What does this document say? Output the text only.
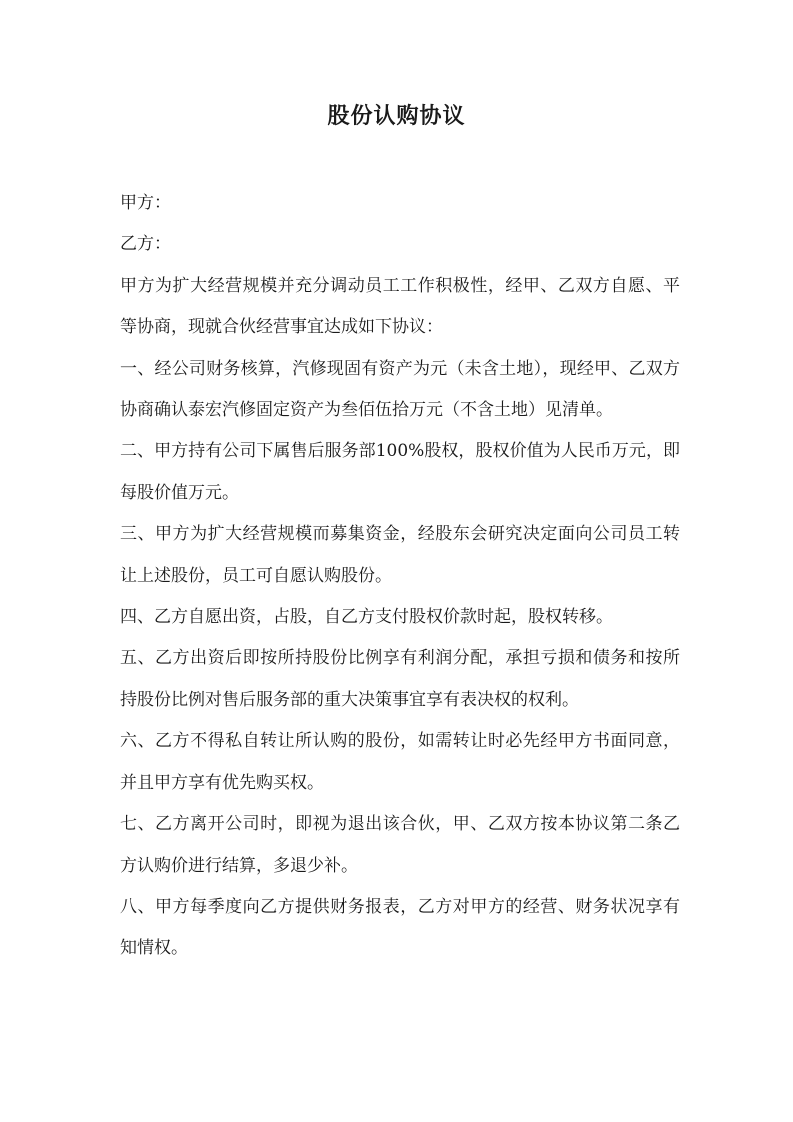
股份认购协议

甲方：

乙方：

甲方为扩大经营规模并充分调动员工工作积极性，经甲、乙双方自愿、平等协商，现就合伙经营事宜达成如下协议：

一、经公司财务核算，汽修现固有资产为元（未含土地），现经甲、乙双方协商确认泰宏汽修固定资产为叁佰伍拾万元（不含土地）见清单。

二、甲方持有公司下属售后服务部100%股权，股权价值为人民币万元，即每股价值万元。

三、甲方为扩大经营规模而募集资金，经股东会研究决定面向公司员工转让上述股份，员工可自愿认购股份。

四、乙方自愿出资，占股，自乙方支付股权价款时起，股权转移。

五、乙方出资后即按所持股份比例享有利润分配，承担亏损和债务和按所持股份比例对售后服务部的重大决策事宜享有表决权的权利。

六、乙方不得私自转让所认购的股份，如需转让时必先经甲方书面同意，并且甲方享有优先购买权。

七、乙方离开公司时，即视为退出该合伙，甲、乙双方按本协议第二条乙方认购价进行结算，多退少补。

八、甲方每季度向乙方提供财务报表，乙方对甲方的经营、财务状况享有知情权。
